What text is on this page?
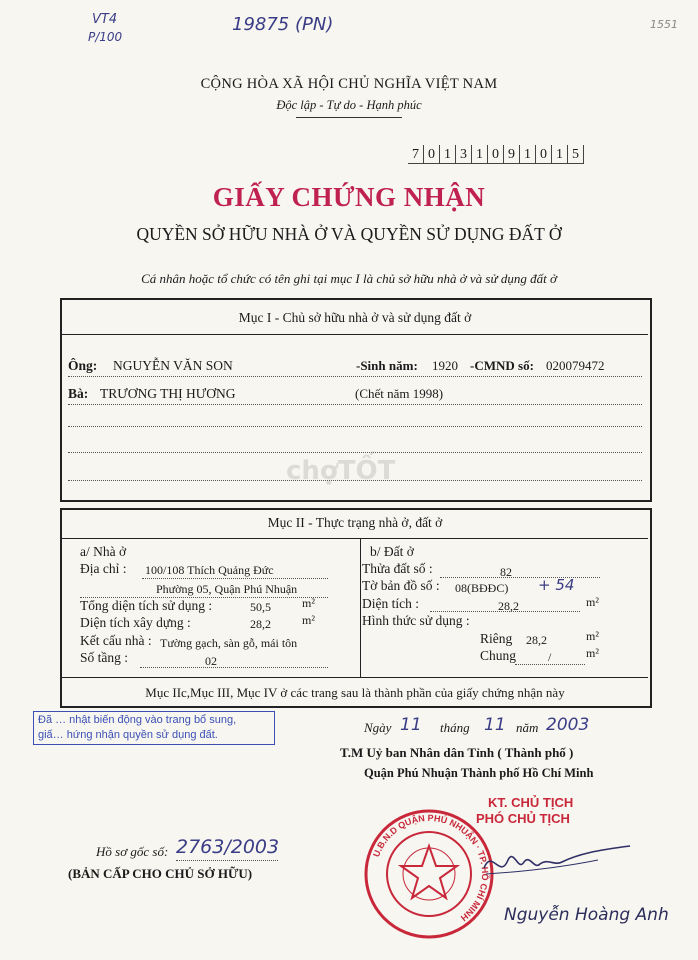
VT4
P/100
19875 (PN)	1551
CỘNG HÒA XÃ HỘI CHỦ NGHĨA VIỆT NAM
Độc lập - Tự do - Hạnh phúc
7 0 1 3 1 0 9 1 0 1 5
GIẤY CHỨNG NHẬN
QUYỀN SỞ HỮU NHÀ Ở VÀ QUYỀN SỬ DỤNG ĐẤT Ở
Cá nhân hoặc tổ chức có tên ghi tại mục I là chủ sở hữu nhà ở và sử dụng đất ở
Mục I - Chủ sở hữu nhà ở và sử dụng đất ở
Ông: NGUYỄN VĂN SON	-Sinh năm: 1920 -CMND số: 020079472
Bà: TRƯƠNG THỊ HƯƠNG	(Chết năm 1998)
chợTỐT
Mục II - Thực trạng nhà ở, đất ở
a/ Nhà ở
Địa chỉ : 100/108 Thích Quảng Đức
Phường 05, Quận Phú Nhuận
Tổng diện tích sử dụng :	50,5	m²
Diện tích xây dựng :	28,2	m²
Kết cấu nhà : Tường gạch, sàn gỗ, mái tôn
Số tầng :	02
b/ Đất ở
Thửa đất số :	82
Tờ bản đồ số : 08(BĐĐC) + 54
Diện tích :	28,2	m²
Hình thức sử dụng :
Riêng 28,2	m²
Chung	/	m²
Mục IIc,Mục III, Mục IV ở các trang sau là thành phần của giấy chứng nhận này
Đã … nhật biến động vào trang bổ sung,
giấ… hứng nhận quyền sử dụng đất.	Ngày 11 tháng 11 năm 2003
T.M Uỷ ban Nhân dân Tỉnh ( Thành phố )
Quận Phú Nhuận Thành phố Hồ Chí Minh
KT. CHỦ TỊCH
PHÓ CHỦ TỊCH
U.B.N.D QUẬN PHÚ NHUẬN · TP. HỒ CHÍ MINH	Nguyễn Hoàng Anh
Hồ sơ gốc số: 2763/2003
(BẢN CẤP CHO CHỦ SỞ HỮU)
